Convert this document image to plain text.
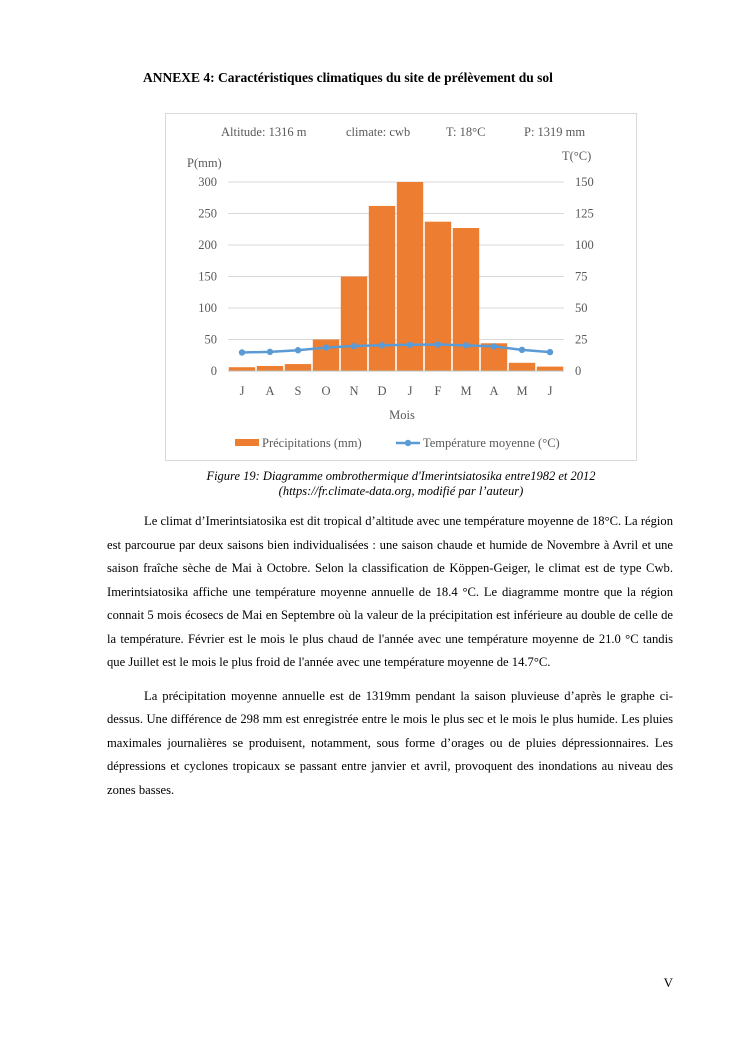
ANNEXE 4: Caractéristiques climatiques du site de prélèvement du sol
Altitude: 1316 m	climate: cwb	T: 18°C	P: 1319 mm
P(mm)	T(°C)
300
250
200
150
100
50
0
150
125
100
75
50
25
0
J A S O N D J F M A M J
Mois
Précipitations (mm)	Température moyenne (°C)
Figure 19: Diagramme ombrothermique d'Imerintsiatosika entre1982 et 2012
(https://fr.climate-data.org, modifié par l’auteur)

Le climat d’Imerintsiatosika est dit tropical d’altitude avec une température moyenne de 18°C. La région est parcourue par deux saisons bien individualisées : une saison chaude et humide de Novembre à Avril et une saison fraîche sèche de Mai à Octobre. Selon la classification de Köppen-Geiger, le climat est de type Cwb. Imerintsiatosika affiche une température moyenne annuelle de 18.4 °C. Le diagramme montre que la région connait 5 mois écosecs de Mai en Septembre où la valeur de la précipitation est inférieure au double de celle de la température. Février est le mois le plus chaud de l'année avec une température moyenne de 21.0 °C tandis que Juillet est le mois le plus froid de l'année avec une température moyenne de 14.7°C.

La précipitation moyenne annuelle est de 1319mm pendant la saison pluvieuse d’après le graphe ci-dessus. Une différence de 298 mm est enregistrée entre le mois le plus sec et le mois le plus humide. Les pluies maximales journalières se produisent, notamment, sous forme d’orages ou de pluies dépressionnaires. Les dépressions et cyclones tropicaux se passant entre janvier et avril, provoquent des inondations au niveau des zones basses.

V
